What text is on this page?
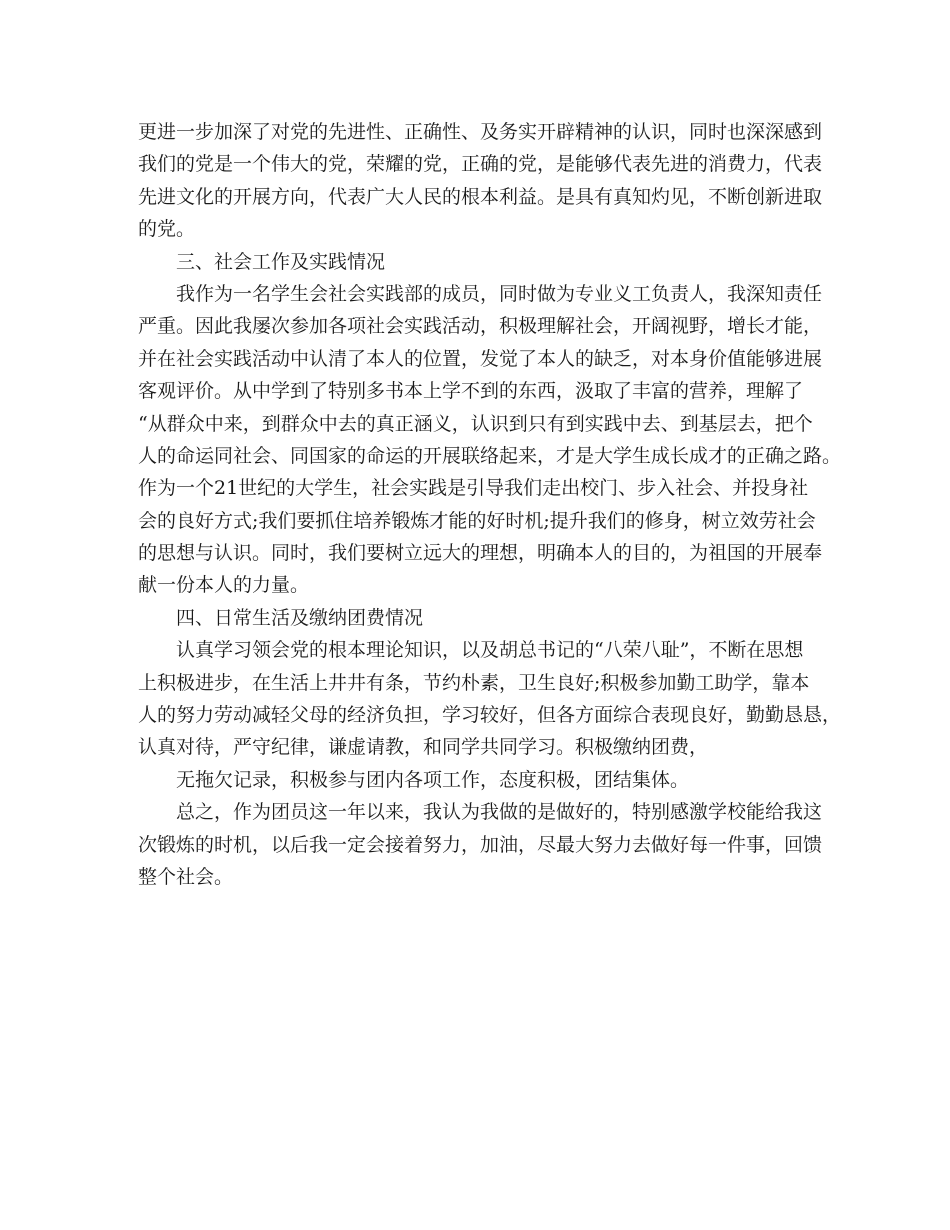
更进一步加深了对党的先进性、正确性、及务实开辟精神的认识，同时也深深感到
我们的党是一个伟大的党，荣耀的党，正确的党，是能够代表先进的消费力，代表
先进文化的开展方向，代表广大人民的根本利益。是具有真知灼见，不断创新进取
的党。
三、社会工作及实践情况
我作为一名学生会社会实践部的成员，同时做为专业义工负责人，我深知责任
严重。因此我屡次参加各项社会实践活动，积极理解社会，开阔视野，增长才能，
并在社会实践活动中认清了本人的位置，发觉了本人的缺乏，对本身价值能够进展
客观评价。从中学到了特别多书本上学不到的东西，汲取了丰富的营养，理解了
“从群众中来，到群众中去的真正涵义，认识到只有到实践中去、到基层去，把个
人的命运同社会、同国家的命运的开展联络起来，才是大学生成长成才的正确之路。
作为一个21世纪的大学生，社会实践是引导我们走出校门、步入社会、并投身社
会的良好方式;我们要抓住培养锻炼才能的好时机;提升我们的修身，树立效劳社会
的思想与认识。同时，我们要树立远大的理想，明确本人的目的，为祖国的开展奉
献一份本人的力量。
四、日常生活及缴纳团费情况
认真学习领会党的根本理论知识，以及胡总书记的“八荣八耻”，不断在思想
上积极进步，在生活上井井有条，节约朴素，卫生良好;积极参加勤工助学，靠本
人的努力劳动减轻父母的经济负担，学习较好，但各方面综合表现良好，勤勤恳恳，
认真对待，严守纪律，谦虚请教，和同学共同学习。积极缴纳团费，
无拖欠记录，积极参与团内各项工作，态度积极，团结集体。
总之，作为团员这一年以来，我认为我做的是做好的，特别感激学校能给我这
次锻炼的时机，以后我一定会接着努力，加油，尽最大努力去做好每一件事，回馈
整个社会。
